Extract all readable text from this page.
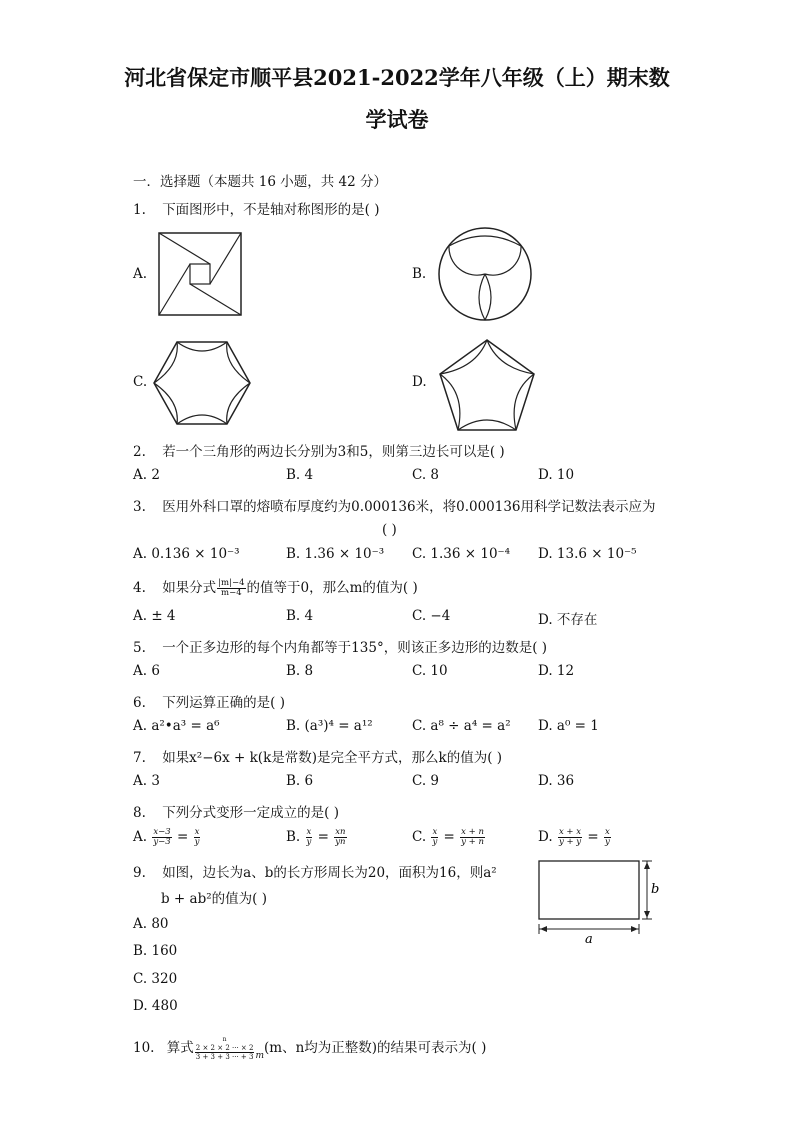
河北省保定市顺平县2021-2022学年八年级（上）期末数
学试卷
一．选择题（本题共 16 小题，共 42 分）
1. 下面图形中，不是轴对称图形的是( )
A.	B.
C.	D.
2. 若一个三角形的两边长分别为3和5，则第三边长可以是( )
A. 2	B. 4	C. 8	D. 10
3. 医用外科口罩的熔喷布厚度约为0.000136米，将0.000136用科学记数法表示应为
( )
A. 0.136 × 10⁻³	B. 1.36 × 10⁻³ C. 1.36 × 10⁻⁴ D. 13.6 × 10⁻⁵
4. 如果分式 $\frac{|m|-4}{m-4}$ 的值等于0，那么m的值为( )
A. ± 4	B. 4	C. −4	D. 不存在
5. 一个正多边形的每个内角都等于135°，则该正多边形的边数是( )
A. 6	B. 8	C. 10	D. 12
6. 下列运算正确的是( )
A. a²•a³ = a⁶	B. (a³)⁴ = a¹²	C. a⁸ ÷ a⁴ = a² D. a⁰ = 1
7. 如果x²−6x + k(k是常数)是完全平方式，那么k的值为( )
A. 3	B. 6	C. 9	D. 36
8. 下列分式变形一定成立的是( )
A. $\frac{x-3}{y-3} = \frac{x}{y}$	B. $\frac{x}{y} = \frac{xn}{yn}$	C. $\frac{x}{y} = \frac{x + n}{y + n}$	D. $\frac{x + x}{y + y} = \frac{x}{y}$
9. 如图，边长为a、b的长方形周长为20，面积为16，则a²
b + ab²的值为( )
A. 80
B. 160
C. 320
D. 480
b
a
10. 算式
n
2 × 2 × 2 ··· × 2
3 + 3 + 3 ··· + 3 $_m$(m、n均为正整数)的结果可表示为( )
